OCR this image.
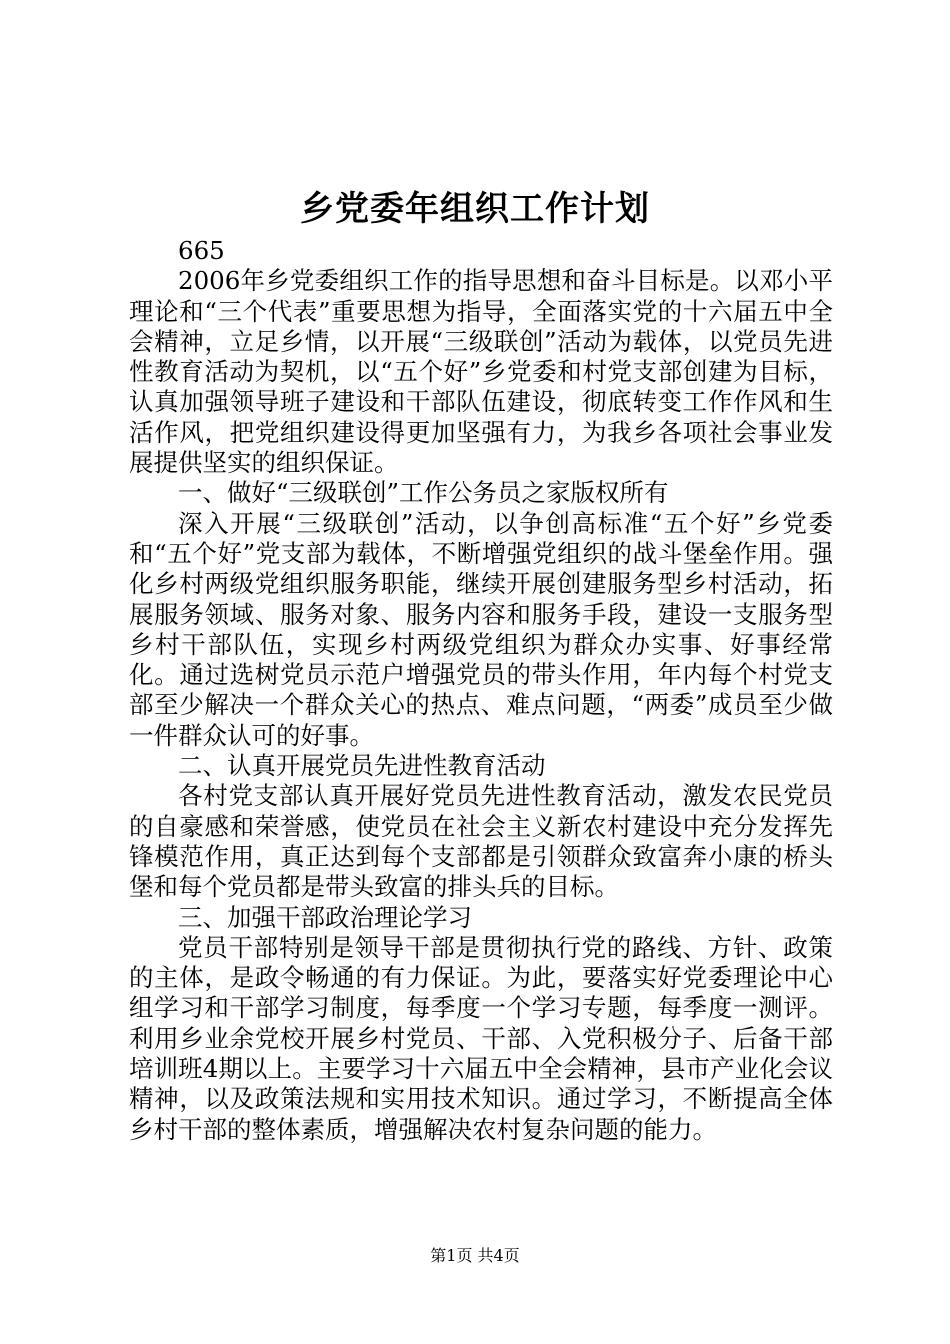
乡党委年组织工作计划

665

2006年乡党委组织工作的指导思想和奋斗目标是。以邓小平理论和“三个代表”重要思想为指导，全面落实党的十六届五中全会精神，立足乡情，以开展“三级联创”活动为载体，以党员先进性教育活动为契机，以“五个好”乡党委和村党支部创建为目标，认真加强领导班子建设和干部队伍建设，彻底转变工作作风和生活作风，把党组织建设得更加坚强有力，为我乡各项社会事业发展提供坚实的组织保证。

一、做好“三级联创”工作公务员之家版权所有

深入开展“三级联创”活动，以争创高标准“五个好”乡党委和“五个好”党支部为载体，不断增强党组织的战斗堡垒作用。强化乡村两级党组织服务职能，继续开展创建服务型乡村活动，拓展服务领域、服务对象、服务内容和服务手段，建设一支服务型乡村干部队伍，实现乡村两级党组织为群众办实事、好事经常化。通过选树党员示范户增强党员的带头作用，年内每个村党支部至少解决一个群众关心的热点、难点问题，“两委”成员至少做一件群众认可的好事。

二、认真开展党员先进性教育活动

各村党支部认真开展好党员先进性教育活动，激发农民党员的自豪感和荣誉感，使党员在社会主义新农村建设中充分发挥先锋模范作用，真正达到每个支部都是引领群众致富奔小康的桥头堡和每个党员都是带头致富的排头兵的目标。

三、加强干部政治理论学习

党员干部特别是领导干部是贯彻执行党的路线、方针、政策的主体，是政令畅通的有力保证。为此，要落实好党委理论中心组学习和干部学习制度，每季度一个学习专题，每季度一测评。利用乡业余党校开展乡村党员、干部、入党积极分子、后备干部培训班4期以上。主要学习十六届五中全会精神，县市产业化会议精神，以及政策法规和实用技术知识。通过学习，不断提高全体乡村干部的整体素质，增强解决农村复杂问题的能力。

第1页 共4页
